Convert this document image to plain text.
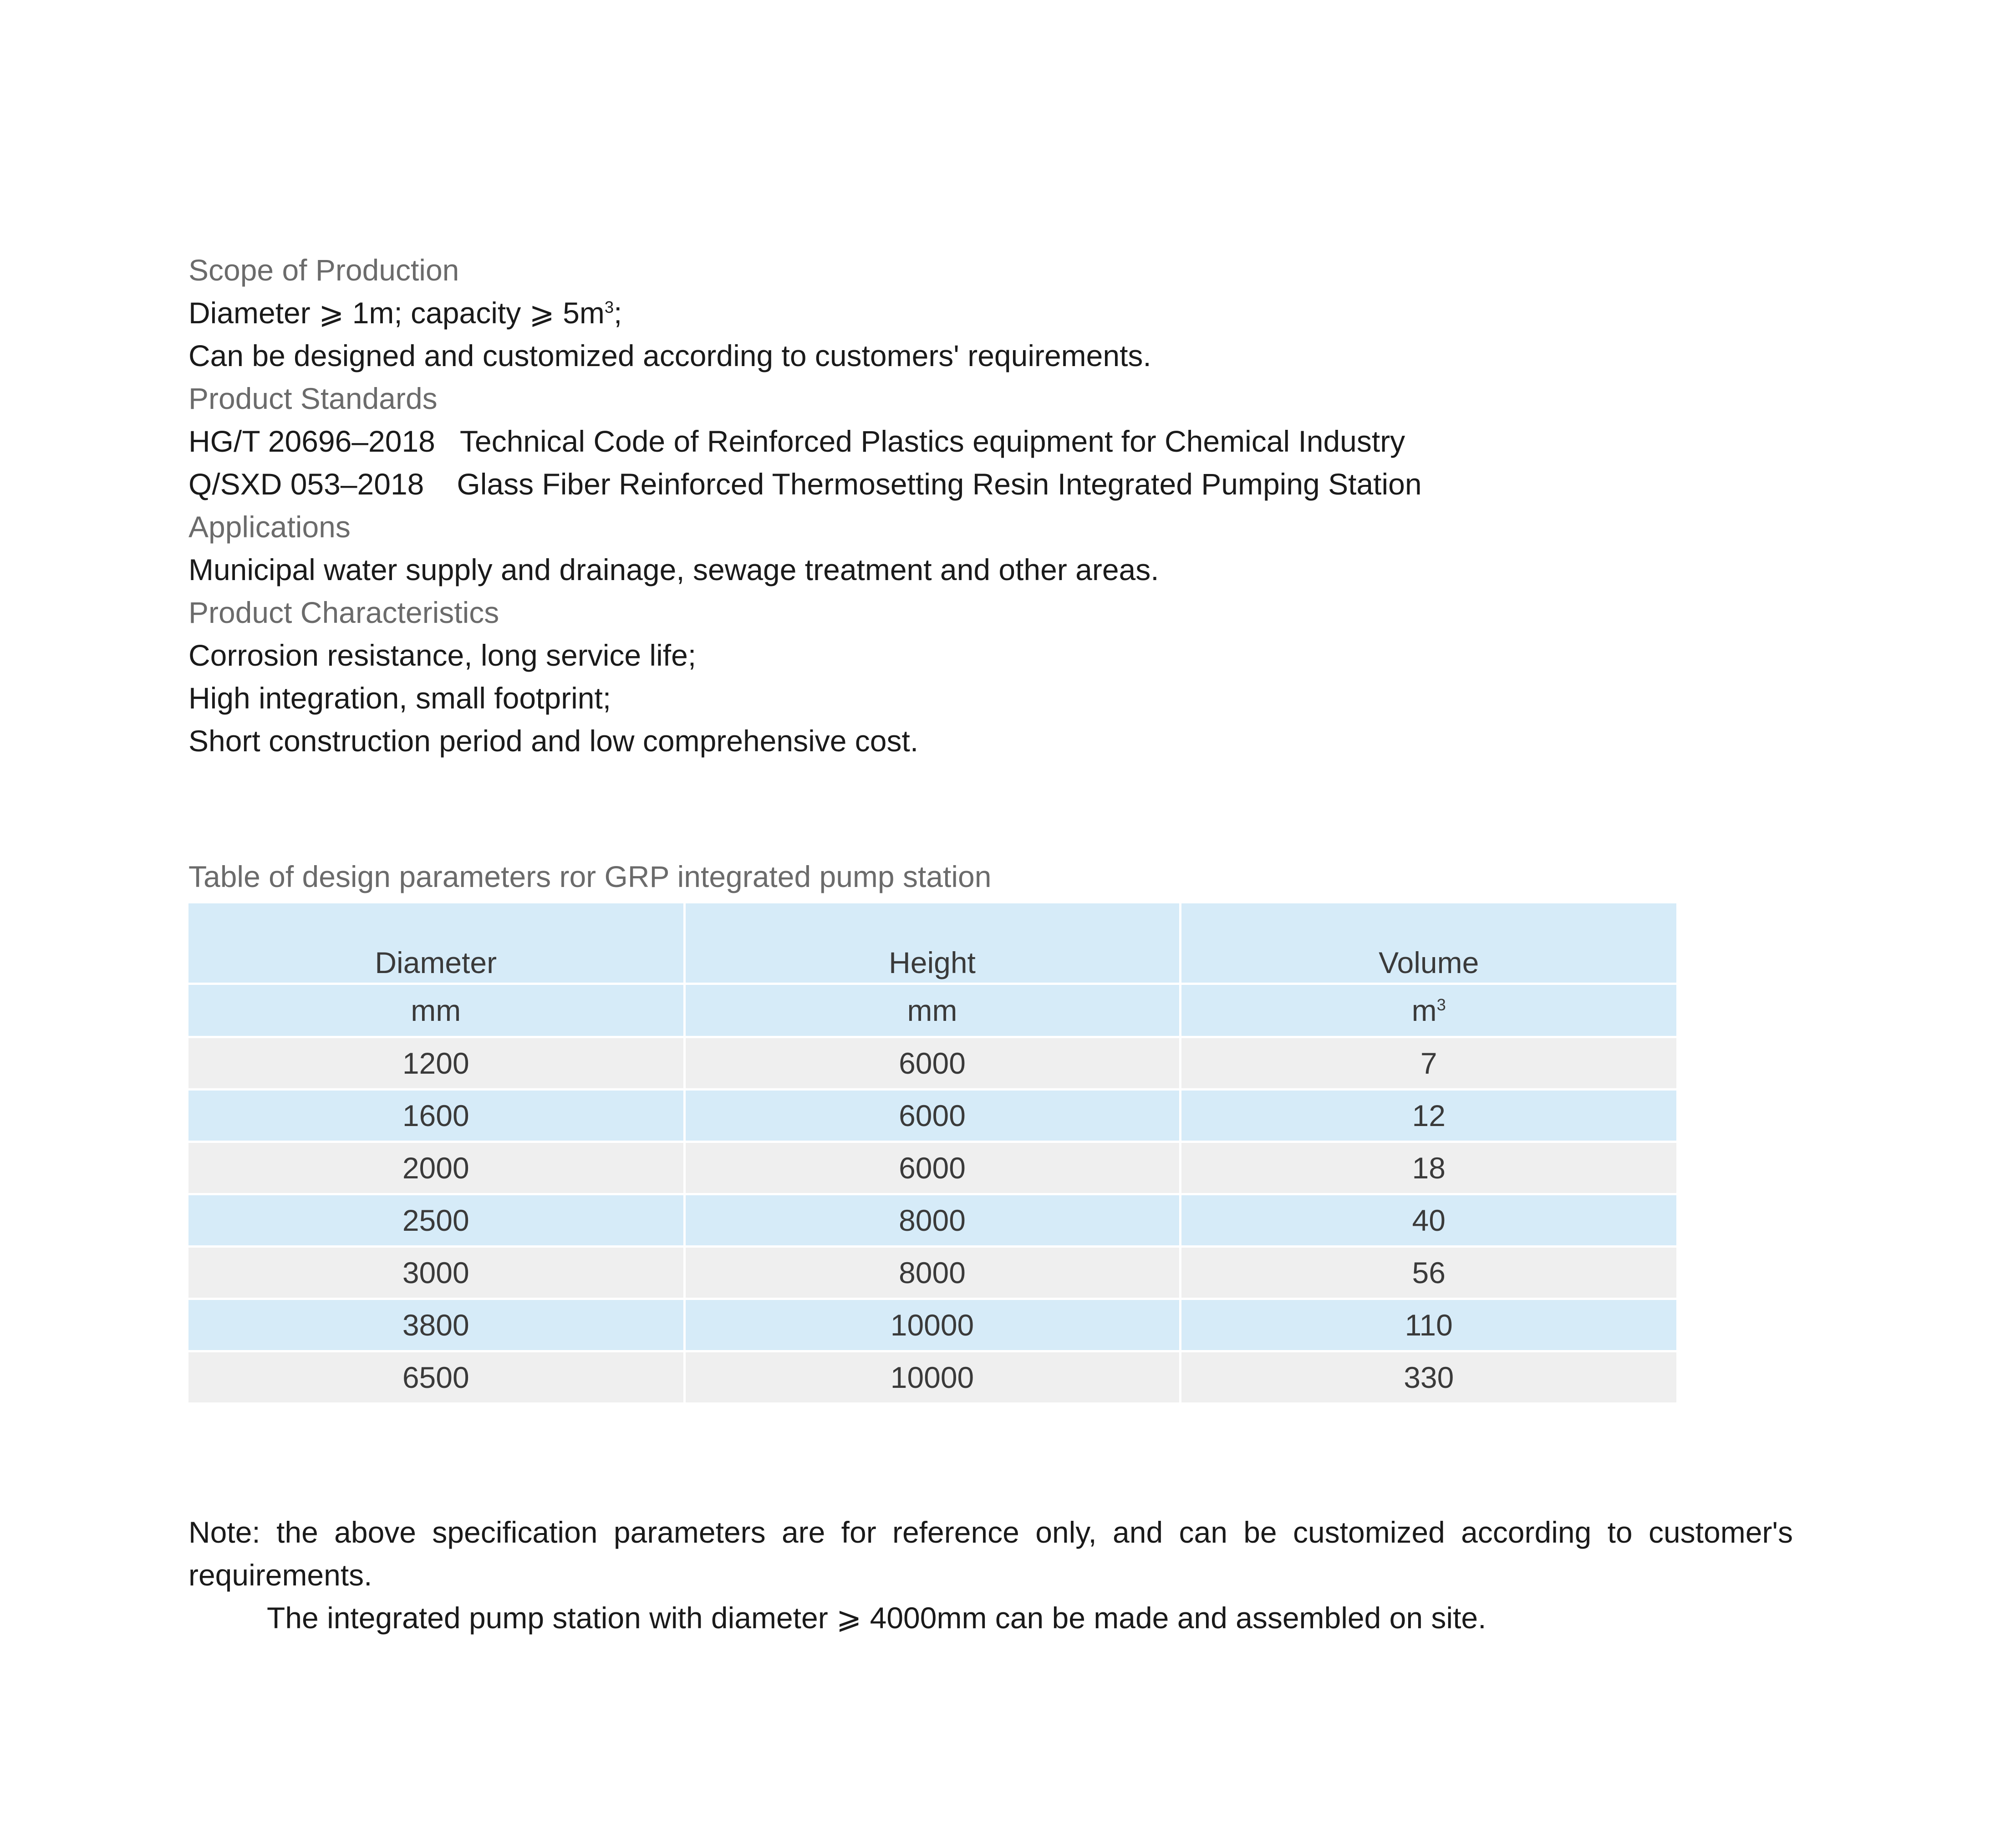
Scope of Production
Diameter ⩾ 1m; capacity ⩾ $5m^3$;
Can be designed and customized according to customers' requirements.
Product Standards
HG/T 20696–2018 Technical Code of Reinforced Plastics equipment for Chemical Industry
Q/SXD 053–2018 Glass Fiber Reinforced Thermosetting Resin Integrated Pumping Station
Applications
Municipal water supply and drainage, sewage treatment and other areas.
Product Characteristics
Corrosion resistance, long service life;
High integration, small footprint;
Short construction period and low comprehensive cost.
Table of design parameters ror GRP integrated pump station
Diameter	Height	Volume
mm	mm	$m^3$
1200	6000	7
1600	6000	12
2000	6000	18
2500	8000	40
3000	8000	56
3800	10000	110
6500	10000	330
Note: the above specification parameters are for reference only, and can be customized according to customer's requirements.
The integrated pump station with diameter ⩾ 4000mm can be made and assembled on site.
